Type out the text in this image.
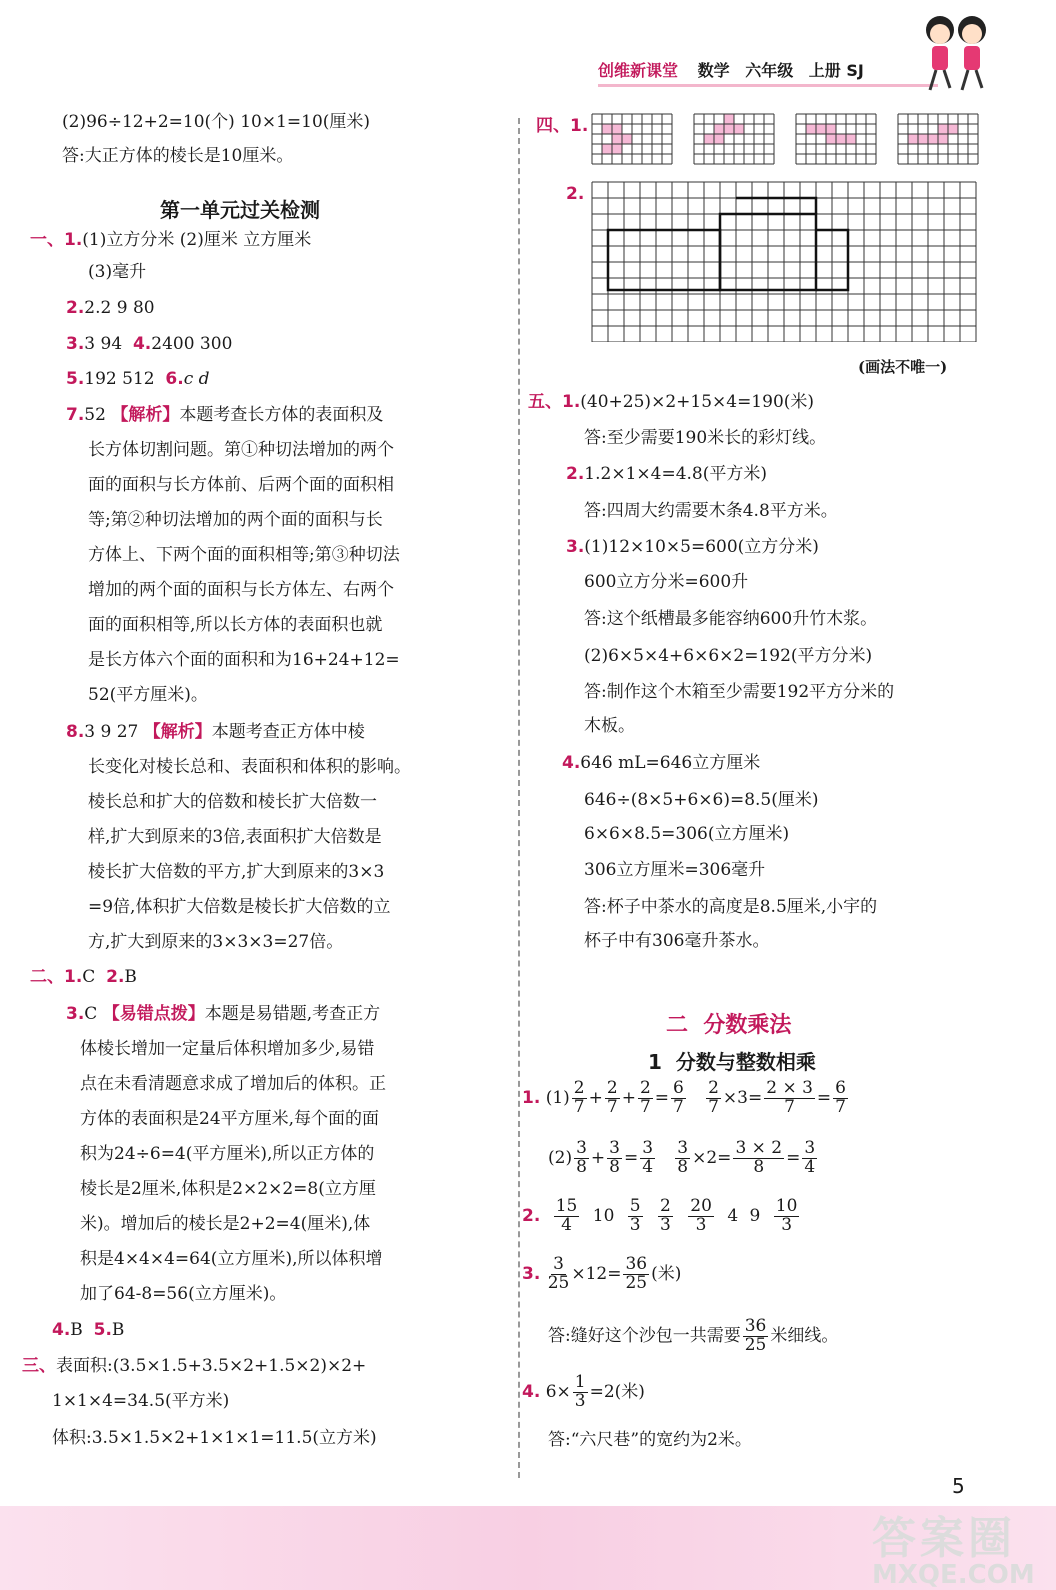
创维新课堂 数学 六年级 上册 SJ
(2)96÷12+2=10(个) 10×1=10(厘米)
答:大正方体的棱长是10厘米。
第一单元过关检测
一、1.(1)立方分米 (2)厘米 立方厘米
(3)毫升
2.2.2 9 80
3.3 94 4.2400 300
5.192 512 6.c d
7.52 【解析】本题考查长方体的表面积及
长方体切割问题。第①种切法增加的两个
面的面积与长方体前、后两个面的面积相
等;第②种切法增加的两个面的面积与长
方体上、下两个面的面积相等;第③种切法
增加的两个面的面积与长方体左、右两个
面的面积相等,所以长方体的表面积也就
是长方体六个面的面积和为16+24+12=
52(平方厘米)。
8.3 9 27 【解析】本题考查正方体中棱
长变化对棱长总和、表面积和体积的影响。
棱长总和扩大的倍数和棱长扩大倍数一
样,扩大到原来的3倍,表面积扩大倍数是
棱长扩大倍数的平方,扩大到原来的3×3
=9倍,体积扩大倍数是棱长扩大倍数的立
方,扩大到原来的3×3×3=27倍。
二、1.C 2.B
3.C 【易错点拨】本题是易错题,考查正方
体棱长增加一定量后体积增加多少,易错
点在未看清题意求成了增加后的体积。正
方体的表面积是24平方厘米,每个面的面
积为24÷6=4(平方厘米),所以正方体的
棱长是2厘米,体积是2×2×2=8(立方厘
米)。增加后的棱长是2+2=4(厘米),体
积是4×4×4=64(立方厘米),所以体积增
加了64-8=56(立方厘米)。
4.B 5.B
三、表面积:(3.5×1.5+3.5×2+1.5×2)×2+
1×1×4=34.5(平方米)
体积:3.5×1.5×2+1×1×1=11.5(立方米)
四、1.
2.
(画法不唯一)
五、1.(40+25)×2+15×4=190(米)
答:至少需要190米长的彩灯线。
2.1.2×1×4=4.8(平方米)
答:四周大约需要木条4.8平方米。
3.(1)12×10×5=600(立方分米)
600立方分米=600升
答:这个纸槽最多能容纳600升竹木浆。
(2)6×5×4+6×6×2=192(平方分米)
答:制作这个木箱至少需要192平方分米的
木板。
4.646 mL=646立方厘米
646÷(8×5+6×6)=8.5(厘米)
6×6×8.5=306(立方厘米)
306立方厘米=306毫升
答:杯子中茶水的高度是8.5厘米,小宇的
杯子中有306毫升茶水。
二  分数乘法
1  分数与整数相乘
1. $(1) \frac{2}{7} + \frac{2}{7} + \frac{2}{7} = \frac{6}{7}$
$\frac{2}{7} \times 3= \frac{2 \times 3}{7} = \frac{6}{7}$
$(2) \frac{3}{8} + \frac{3}{8} = \frac{3}{4}$
$\frac{3}{8} \times 2= \frac{3 \times 2}{8} = \frac{3}{4}$
2. $\frac{15}{4} 10 \frac{5}{3}$
$\frac{2}{3}$
$\frac{20}{3} 4$ $9 \frac{10}{3}$
3. $\frac{3}{25} \times 12= \frac{36}{25}$ (米)
答:缝好这个沙包一共需要 $\frac{36}{25}$ 米细线。
4. $6\times \frac{1}{3} =2$(米)
答:“六尺巷”的宽约为2米。
5
答案圈
MXQE.COM
